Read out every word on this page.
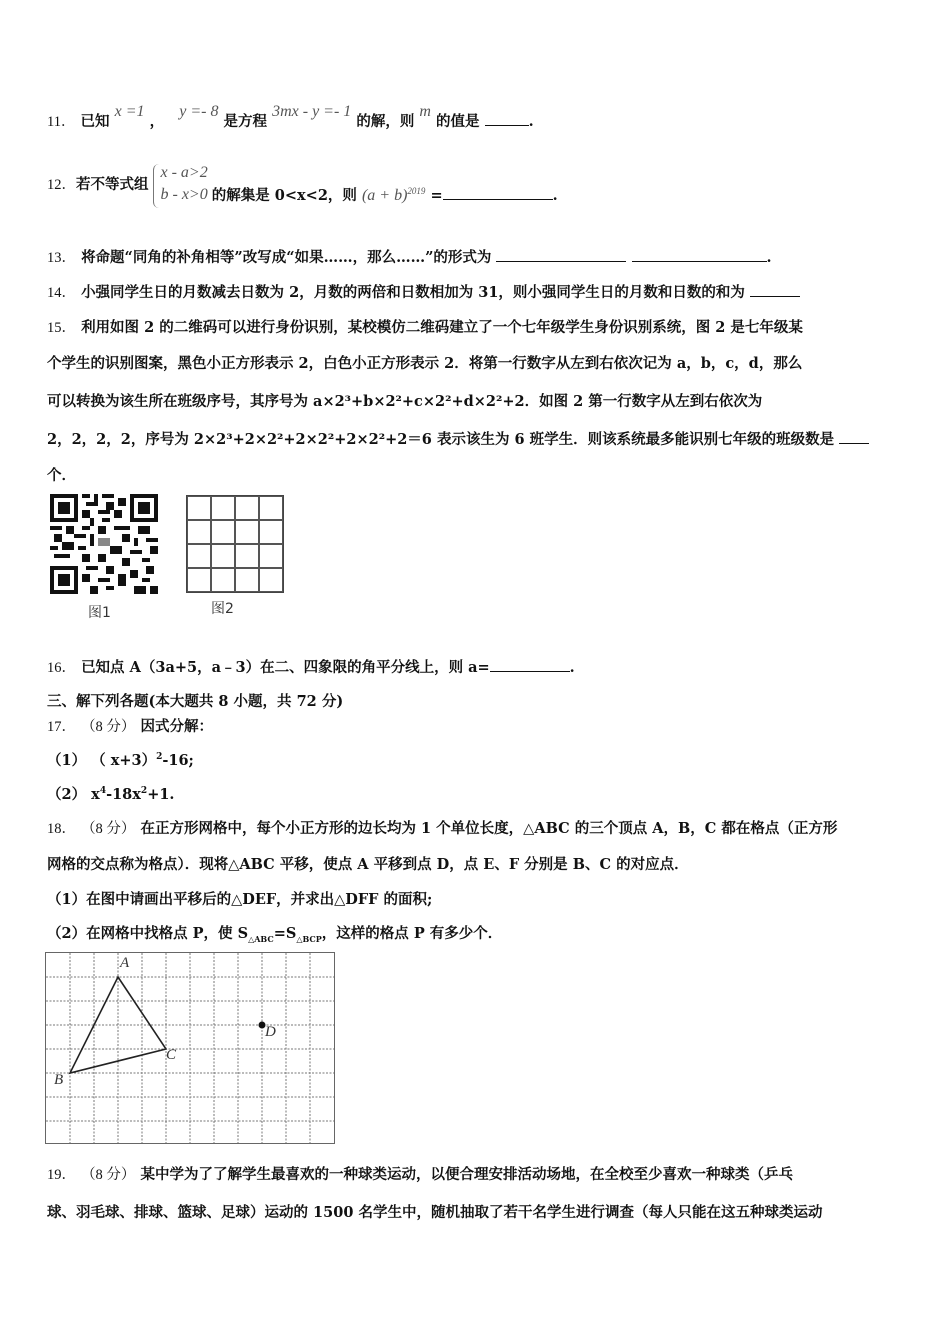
11． 已知 x =1 ，   y =- 8 是方程 3mx - y =- 1 的解，则 m 的值是	.
12． 若不等式组
x - a>2
b - x>0 的解集是 0<x<2，则 $(a + b)^{2019}$ =	.
13． 将命题“同角的补角相等”改写成“如果……，那么……”的形式为	.
14． 小强同学生日的月数减去日数为 2，月数的两倍和日数相加为 31，则小强同学生日的月数和日数的和为
15． 利用如图 2 的二维码可以进行身份识别，某校模仿二维码建立了一个七年级学生身份识别系统，图 2 是七年级某
个学生的识别图案，黑色小正方形表示 2，白色小正方形表示 2．将第一行数字从左到右依次记为 a，b，c，d，那么
可以转换为该生所在班级序号，其序号为 a×2³+b×2²+c×2²+d×2²+2．如图 2 第一行数字从左到右依次为
2，2，2，2，序号为 2×2³+2×2²+2×2²+2×2²+2＝6 表示该生为 6 班学生．则该系统最多能识别七年级的班级数是
个．
图1	图2
16． 已知点 A（3a+5，a﹣3）在二、四象限的角平分线上，则 a=	.
三、解下列各题(本大题共 8 小题，共 72 分)
17． （8 分） 因式分解：
（1） （ x+3）$^2$-16;
（2） $x^4-18x^2+1$.
18． （8 分） 在正方形网格中，每个小正方形的边长均为 1 个单位长度，△ABC 的三个顶点 A，B，C 都在格点（正方形
网格的交点称为格点）．现将△ABC 平移，使点 A 平移到点 D，点 E、F 分别是 B、C 的对应点．
（1）在图中请画出平移后的△DEF，并求出△DFF 的面积;
（2）在网格中找格点 P，使 $S_{\triangle ABC}=S_{\triangle BCP}$，这样的格点 P 有多少个．
A
B
C
D
19． （8 分） 某中学为了了解学生最喜欢的一种球类运动，以便合理安排活动场地，在全校至少喜欢一种球类（乒乓
球、羽毛球、排球、篮球、足球）运动的 1500 名学生中，随机抽取了若干名学生进行调查（每人只能在这五种球类运动
